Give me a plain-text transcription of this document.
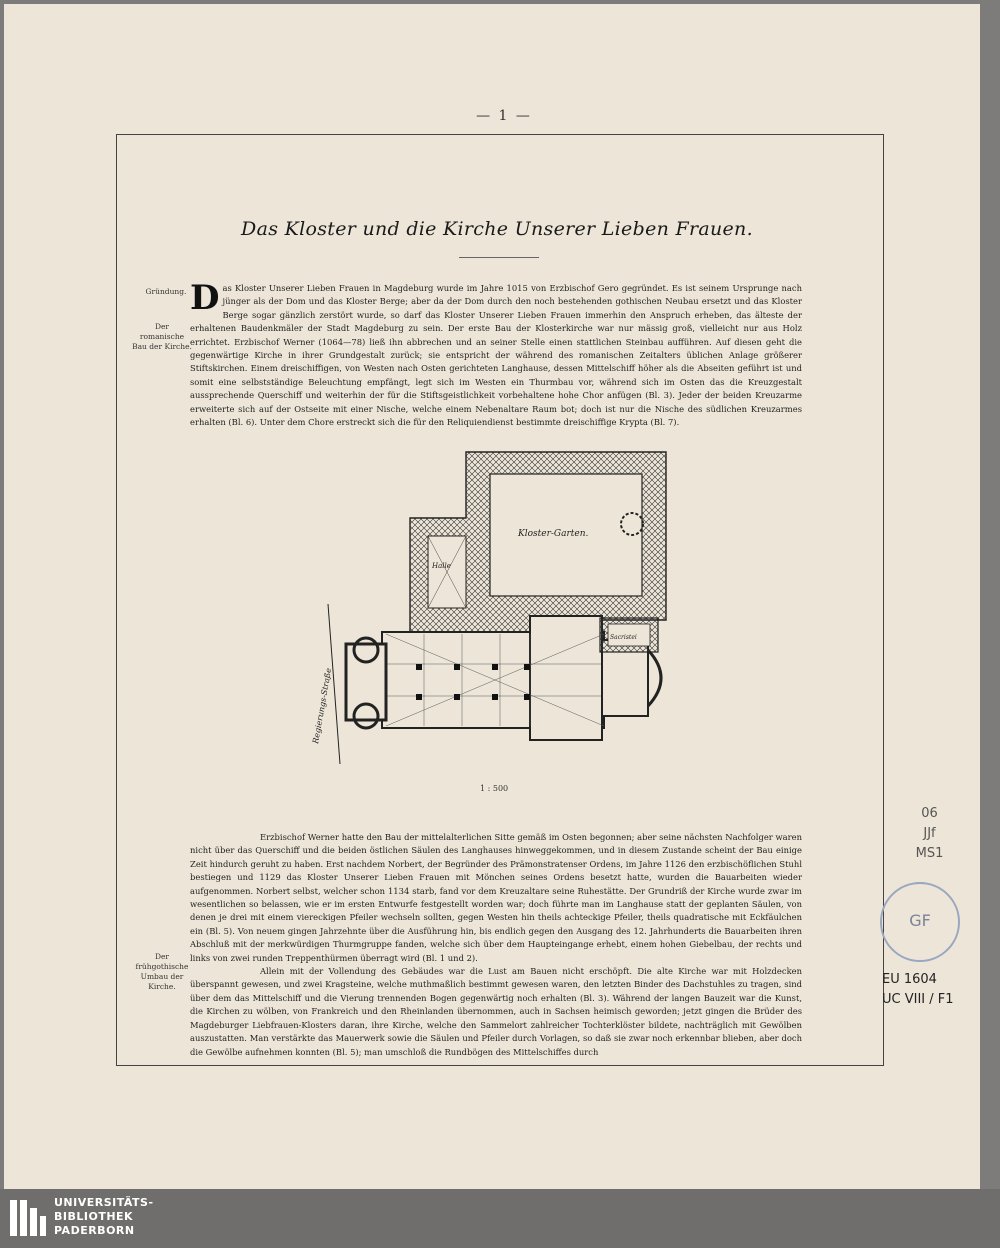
— 1 —
Das Kloster und die Kirche Unserer Lieben Frauen.
Gründung.
Der romanische Bau der Kirche.
Der frühgothische Umbau der Kirche.

Das Kloster Unserer Lieben Frauen in Magdeburg wurde im Jahre 1015 von Erzbischof Gero gegründet. Es ist seinem Ursprunge nach jünger als der Dom und das Kloster Berge; aber da der Dom durch den noch bestehenden gothischen Neubau ersetzt und das Kloster Berge sogar gänzlich zerstört wurde, so darf das Kloster Unserer Lieben Frauen immerhin den Anspruch erheben, das älteste der erhaltenen Baudenkmäler der Stadt Magdeburg zu sein. Der erste Bau der Klosterkirche war nur mässig groß, vielleicht nur aus Holz errichtet. Erzbischof Werner (1064—78) ließ ihn abbrechen und an seiner Stelle einen stattlichen Steinbau aufführen. Auf diesen geht die gegenwärtige Kirche in ihrer Grundgestalt zurück; sie entspricht der während des romanischen Zeitalters üblichen Anlage größerer Stiftskirchen. Einem dreischiffigen, von Westen nach Osten gerichteten Langhause, dessen Mittelschiff höher als die Abseiten geführt ist und somit eine selbstständige Beleuchtung empfängt, legt sich im Westen ein Thurmbau vor, während sich im Osten das die Kreuzgestalt aussprechende Querschiff und weiterhin der für die Stiftsgeistlichkeit vorbehaltene hohe Chor anfügen (Bl. 3). Jeder der beiden Kreuzarme erweiterte sich auf der Ostseite mit einer Nische, welche einem Nebenaltare Raum bot; doch ist nur die Nische des südlichen Kreuzarmes erhalten (Bl. 6). Unter dem Chore erstreckt sich die für den Reliquiendienst bestimmte dreischiffige Krypta (Bl. 7).

Kloster-Garten.
Halle
Sacristei
Regierungs-Straße
1 : 500
Erzbischof Werner hatte den Bau der mittelalterlichen Sitte gemäß im Osten begonnen; aber seine nächsten Nachfolger waren nicht über das Querschiff und die beiden östlichen Säulen des Langhauses hinweggekommen, und in diesem Zustande scheint der Bau einige Zeit hindurch geruht zu haben. Erst nachdem Norbert, der Begründer des Prämonstratenser Ordens, im Jahre 1126 den erzbischöflichen Stuhl bestiegen und 1129 das Kloster Unserer Lieben Frauen mit Mönchen seines Ordens besetzt hatte, wurden die Bauarbeiten wieder aufgenommen. Norbert selbst, welcher schon 1134 starb, fand vor dem Kreuzaltare seine Ruhestätte. Der Grundriß der Kirche wurde zwar im wesentlichen so belassen, wie er im ersten Entwurfe festgestellt worden war; doch führte man im Langhause statt der geplanten Säulen, von denen je drei mit einem viereckigen Pfeiler wechseln sollten, gegen Westen hin theils achteckige Pfeiler, theils quadratische mit Eckfäulchen ein (Bl. 5). Von neuem gingen Jahrzehnte über die Ausführung hin, bis endlich gegen den Ausgang des 12. Jahrhunderts die Bauarbeiten ihren Abschluß mit der merkwürdigen Thurmgruppe fanden, welche sich über dem Haupteingange erhebt, einem hohen Giebelbau, der rechts und links von zwei runden Treppenthürmen überragt wird (Bl. 1 und 2).
Allein mit der Vollendung des Gebäudes war die Lust am Bauen nicht erschöpft. Die alte Kirche war mit Holzdecken überspannt gewesen, und zwei Kragsteine, welche muthmaßlich bestimmt gewesen waren, den letzten Binder des Dachstuhles zu tragen, sind über dem das Mittelschiff und die Vierung trennenden Bogen gegenwärtig noch erhalten (Bl. 3). Während der langen Bauzeit war die Kunst, die Kirchen zu wölben, von Frankreich und den Rheinlanden übernommen, auch in Sachsen heimisch geworden; jetzt gingen die Brüder des Magdeburger Liebfrauen-Klosters daran, ihre Kirche, welche den Sammelort zahlreicher Tochterklöster bildete, nachträglich mit Gewölben auszustatten. Man verstärkte das Mauerwerk sowie die Säulen und Pfeiler durch Vorlagen, so daß sie zwar noch erkennbar blieben, aber doch die Gewölbe aufnehmen konnten (Bl. 5); man umschloß die Rundbögen des Mittelschiffes durch
06
JJf
MS1
GF
EU 1604
UC VIII / F1
UNIVERSITÄTS-
BIBLIOTHEK
PADERBORN
